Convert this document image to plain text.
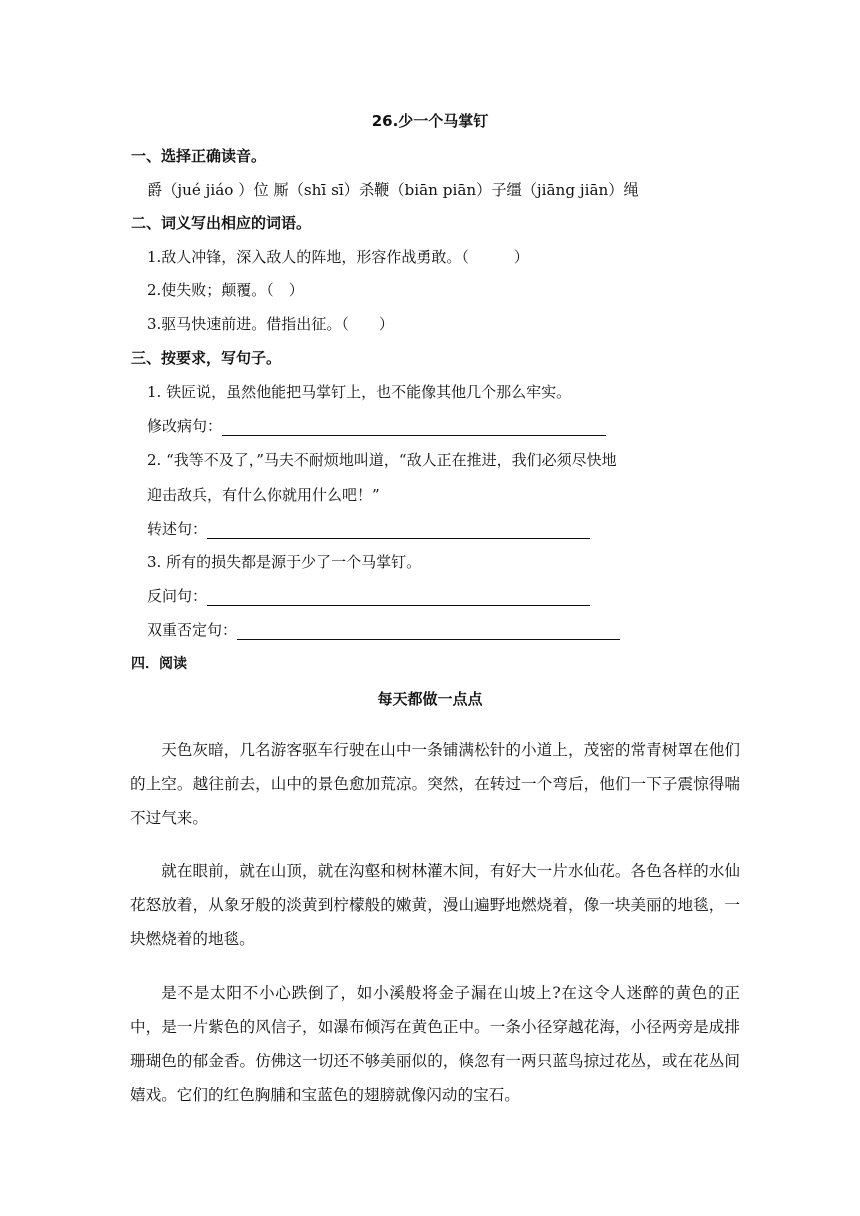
26.少一个马掌钉
一、选择正确读音。
爵（jué jiáo ）位 厮（shī sī）杀鞭（biān piān）子缰（jiāng jiān）绳
二、词义写出相应的词语。
1.敌人冲锋，深入敌人的阵地，形容作战勇敢。（　　　）
2.使失败；颠覆。（　）
3.驱马快速前进。借指出征。（　　）
三、按要求，写句子。
1. 铁匠说，虽然他能把马掌钉上，也不能像其他几个那么牢实。
修改病句：
2. “我等不及了，”马夫不耐烦地叫道，“敌人正在推进，我们必须尽快地
迎击敌兵，有什么你就用什么吧！”
转述句：
3. 所有的损失都是源于少了一个马掌钉。
反问句：
双重否定句：
四．阅读
每天都做一点点
天色灰暗，几名游客驱车行驶在山中一条铺满松针的小道上，茂密的常青树罩在他们的上空。越往前去，山中的景色愈加荒凉。突然，在转过一个弯后，他们一下子震惊得喘不过气来。
就在眼前，就在山顶，就在沟壑和树林灌木间，有好大一片水仙花。各色各样的水仙花怒放着，从象牙般的淡黄到柠檬般的嫩黄，漫山遍野地燃烧着，像一块美丽的地毯，一块燃烧着的地毯。
是不是太阳不小心跌倒了，如小溪般将金子漏在山坡上?在这令人迷醉的黄色的正中，是一片紫色的风信子，如瀑布倾泻在黄色正中。一条小径穿越花海，小径两旁是成排珊瑚色的郁金香。仿佛这一切还不够美丽似的，倏忽有一两只蓝鸟掠过花丛，或在花丛间嬉戏。它们的红色胸脯和宝蓝色的翅膀就像闪动的宝石。
